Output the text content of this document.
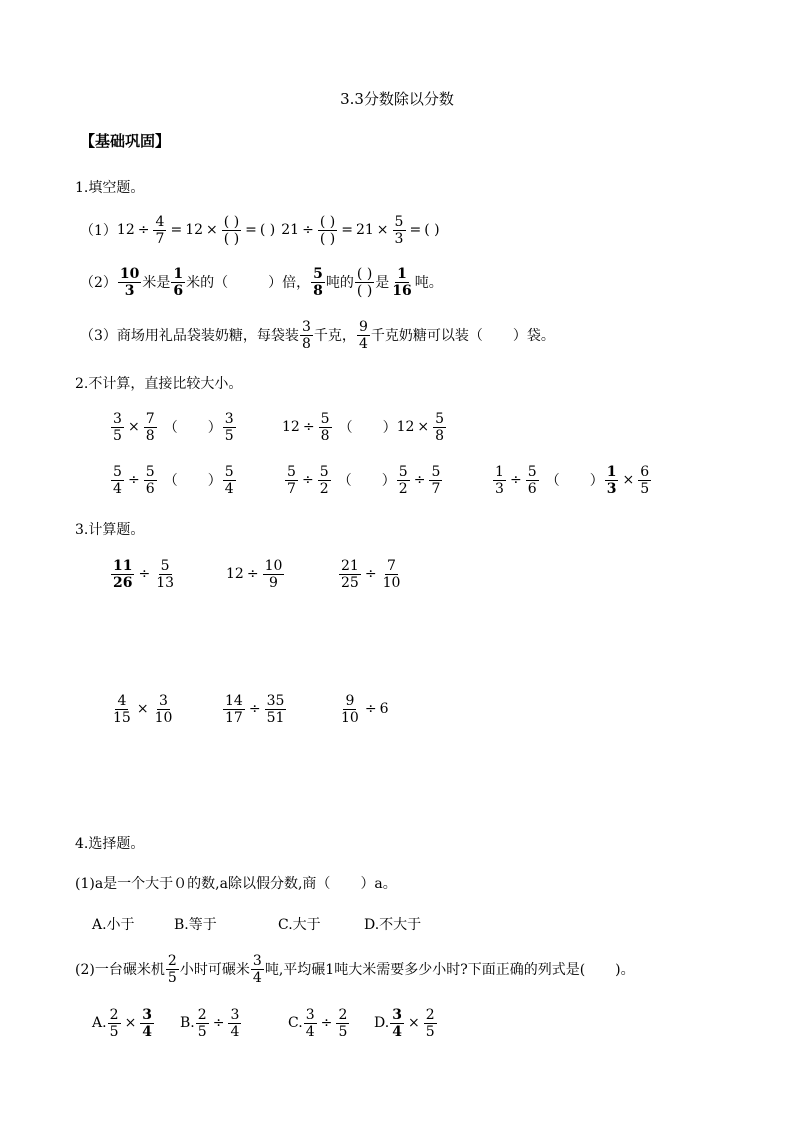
3.3分数除以分数
【基础巩固】
1.填空题。
（1） $12 \div \frac{4}{7} = 12 \times \frac{( )}{( )}$ = ( ) $21 \div \frac{( )}{( )} = 21 \times \frac{5}{3}$ = ( )
$(2) \frac{10}{3}$ 米是 $\frac{1}{6}$ 米的（	）倍， $\frac{5}{8}$ 吨的 $\frac{( )}{( )}$ 是 $\frac{1}{16}$ 吨。
（3） 商场用礼品袋装奶糖，每袋装 $\frac{3}{8}$ 千克， $\frac{9}{4}$ 千克奶糖可以装（ ）袋。
2.不计算，直接比较大小。
$\frac{3}{5} \times \frac{7}{8}$ （ ） $\frac{3}{5}$	$12 \div \frac{5}{8}$ （ ） $12 \times \frac{5}{8}$
$\frac{5}{4} \div \frac{5}{6}$ （ ） $\frac{5}{4}$	$\frac{5}{7} \div \frac{5}{2}$ （ ） $\frac{5}{2} \div \frac{5}{7}$	$\frac{1}{3} \div \frac{5}{6}$ （ ） $\frac{1}{3} \times \frac{6}{5}$
3.计算题。
$\frac{11}{26} \div \frac{5}{13}$	$12 \div \frac{10}{9}$	$\frac{21}{25} \div \frac{7}{10}$
$\frac{4}{15} \times \frac{3}{10}$	$\frac{14}{17} \div \frac{35}{51}$	$\frac{9}{10} \div 6$
4.选择题。
(1)a是一个大于０的数,a除以假分数,商（ ）a。
A.小于	B.等于	C.大于	D.不大于
(2)一台碾米机 $\frac{2}{5}$ 小时可碾米 $\frac{3}{4}$ 吨,平均碾1吨大米需要多少小时?下面正确的列式是( )。
A. $\frac{2}{5} \times \frac{3}{4} B$. $\frac{2}{5} \div \frac{3}{4}$	C. $\frac{3}{4} \div \frac{2}{5} D$. $\frac{3}{4} \times \frac{2}{5}$
